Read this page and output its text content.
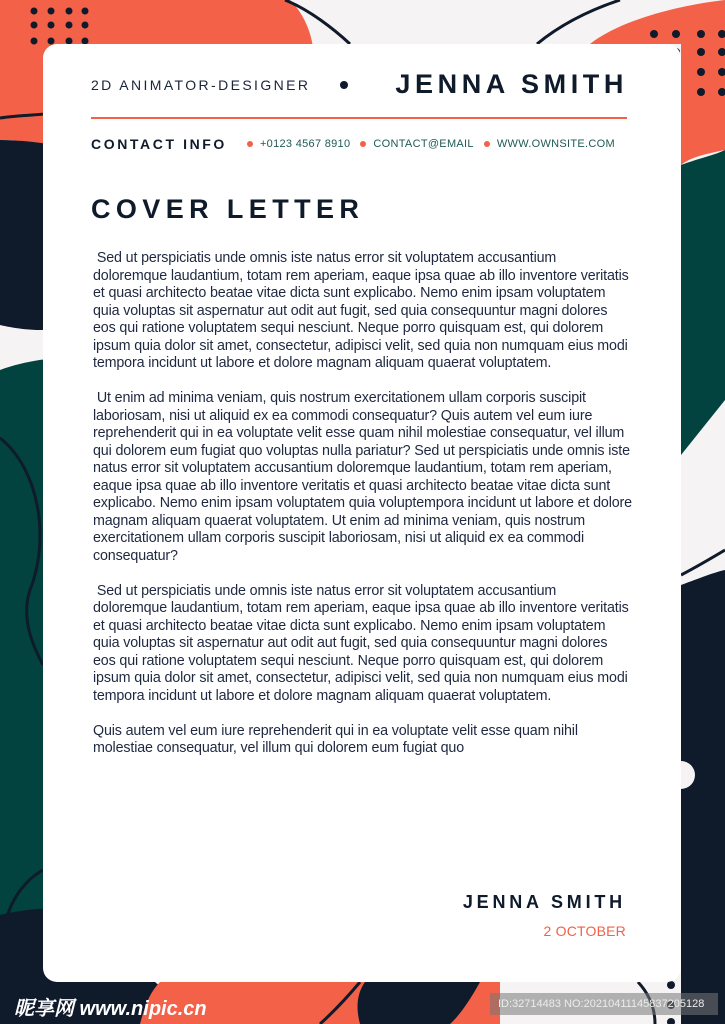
2D ANIMATOR-DESIGNER	JENNA SMITH
CONTACT INFO	+0123 4567 8910 CONTACT@EMAIL WWW.OWNSITE.COM
COVER LETTER

Sed ut perspiciatis unde omnis iste natus error sit voluptatem accusantium doloremque laudantium, totam rem aperiam, eaque ipsa quae ab illo inventore veritatis et quasi architecto beatae vitae dicta sunt explicabo. Nemo enim ipsam voluptatem quia voluptas sit aspernatur aut odit aut fugit, sed quia consequuntur magni dolores eos qui ratione voluptatem sequi nesciunt. Neque porro quisquam est, qui dolorem ipsum quia dolor sit amet, consectetur, adipisci velit, sed quia non numquam eius modi tempora incidunt ut labore et dolore magnam aliquam quaerat voluptatem.

Ut enim ad minima veniam, quis nostrum exercitationem ullam corporis suscipit laboriosam, nisi ut aliquid ex ea commodi consequatur? Quis autem vel eum iure reprehenderit qui in ea voluptate velit esse quam nihil molestiae consequatur, vel illum qui dolorem eum fugiat quo voluptas nulla pariatur? Sed ut perspiciatis unde omnis iste natus error sit voluptatem accusantium doloremque laudantium, totam rem aperiam, eaque ipsa quae ab illo inventore veritatis et quasi architecto beatae vitae dicta sunt explicabo. Nemo enim ipsam voluptatem quia voluptempora incidunt ut labore et dolore magnam aliquam quaerat voluptatem. Ut enim ad minima veniam, quis nostrum exercitationem ullam corporis suscipit laboriosam, nisi ut aliquid ex ea commodi consequatur?

Sed ut perspiciatis unde omnis iste natus error sit voluptatem accusantium doloremque laudantium, totam rem aperiam, eaque ipsa quae ab illo inventore veritatis et quasi architecto beatae vitae dicta sunt explicabo. Nemo enim ipsam voluptatem quia voluptas sit aspernatur aut odit aut fugit, sed quia consequuntur magni dolores eos qui ratione voluptatem sequi nesciunt. Neque porro quisquam est, qui dolorem ipsum quia dolor sit amet, consectetur, adipisci velit, sed quia non numquam eius modi tempora incidunt ut labore et dolore magnam aliquam quaerat voluptatem.

Quis autem vel eum iure reprehenderit qui in ea voluptate velit esse quam nihil molestiae consequatur, vel illum qui dolorem eum fugiat quo

JENNA SMITH
2 OCTOBER
昵享网 www.nipic.cn	ID:32714483 NO:20210411145837205128
